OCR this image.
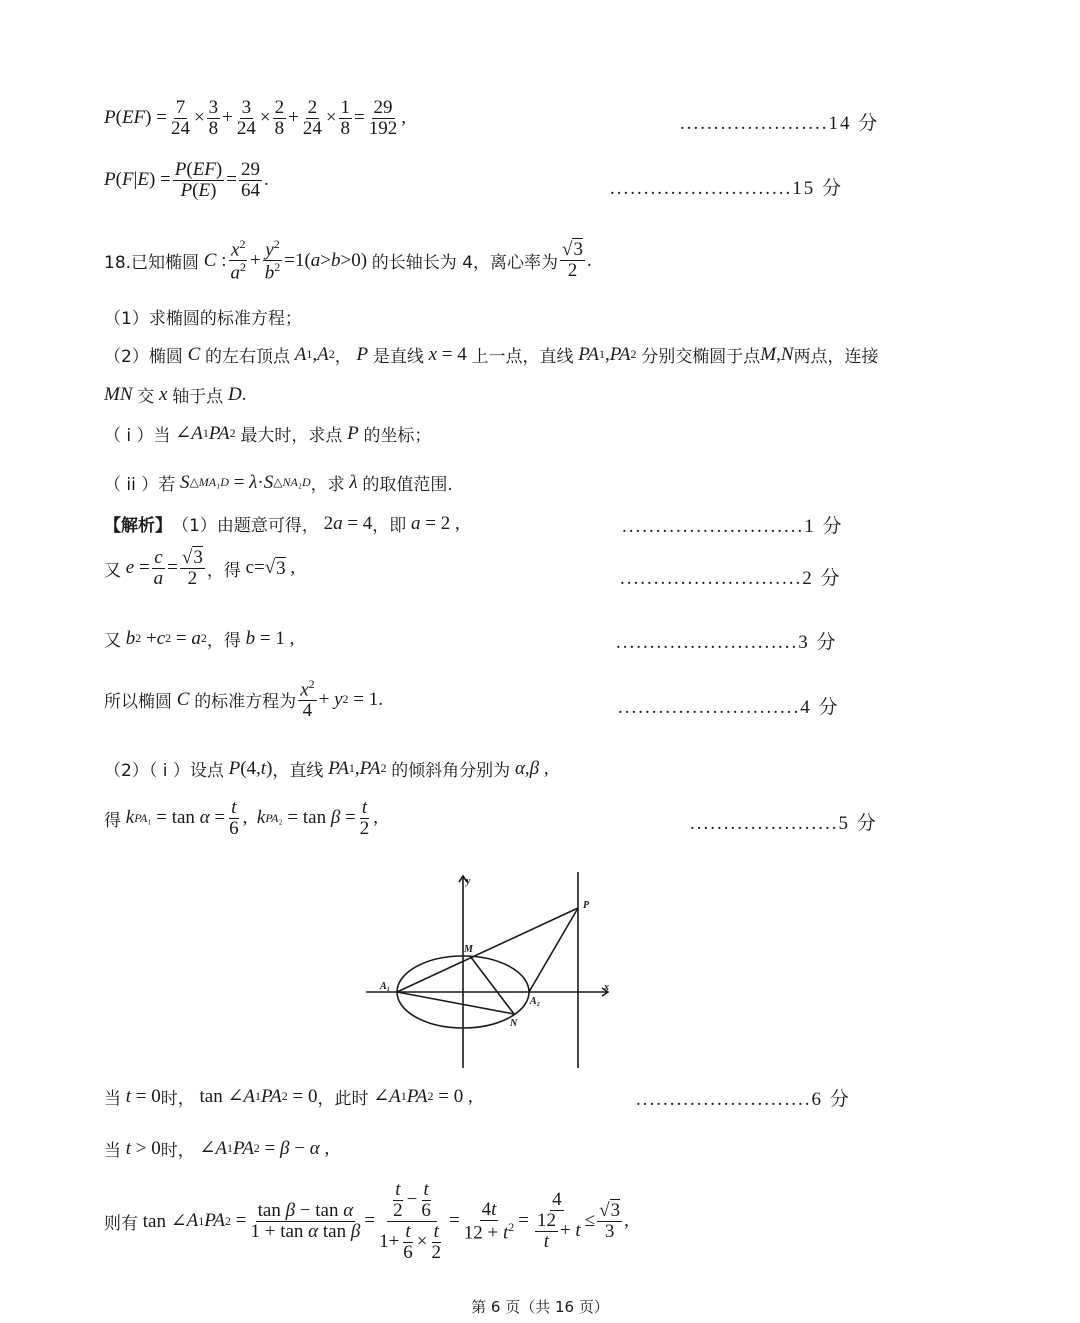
P ( EF ) = $\frac{7}{24} \times \frac{3}{8} + \frac{3}{24} \times \frac{2}{8} + \frac{2}{24} \times \frac{1}{8} = \frac{29}{192}$ ,	......................14 分
P ( F | E ) = $\frac{P(EF)}{P(E)} = \frac{29}{64}$ .	...........................15 分
18.已知椭圆 C : $\frac{x^2}{a^2} + \frac{y^2}{b^2} =1$( a > b >0) 的长轴长为 4，离心率为 $\frac{√3}{2}$ .
（1）求椭圆的标准方程；
（2）椭圆 C 的左右顶点 A 1 , A 2 ， P 是直线 x = 4 上一点，直线 PA 1 , PA 2
分别交椭圆于点 M , N 两点，连接
MN 交 x 轴于点 D .
（ i ）当 ∠ A 1 PA 2
最大时，求点 P 的坐标；
（ ii ）若
S △MA₁D = λ · S △NA₂D ，求 λ 的取值范围.
【解析】 （1）由题意可得， 2 a = 4 ，即
a = 2 ,	...........................1 分
又 $e = \frac{c}{a} = \frac{√3}{2}$ ，得 c=√ 3 ,
...........................2 分
又 b 2 + c 2 = a 2 ，得 b = 1 ,	...........................3 分
所以椭圆 C 的标准方程为 $\frac{x^2}{4} + y$ 2 = 1.	...........................4 分
（2）（ i ）设点
P (4, t ) ，直线 PA 1 , PA 2
的倾斜角分别为 α , β ,
得 k $PA_1 = \tan \alpha = \frac{t}{6}$ , k $PA_2 = \tan \beta = \frac{t}{2}$ ,	......................5 分
y
x
P
M
N
A₁
A₂
当 t = 0 时， tan ∠ A 1 PA 2 = 0 ，此时 ∠ A 1 PA 2 = 0 ,	..........................6 分
当 t > 0 时， ∠ A 1 PA 2 = β − α ,
则有 tan ∠ A 1 PA $2 = \frac{\text{tan β − tan α}}{\text{1 + tan α tan β}} = \frac{\frac{t}{2} - \frac{t}{6}}{1+ \frac{t}{6} \times \frac{t}{2}} = \frac{4t}{12 + t^2} = \frac{4}{\frac{12}{t} + t} \le \frac{√3}{3}$ ,
第 6 页（共 16 页）
